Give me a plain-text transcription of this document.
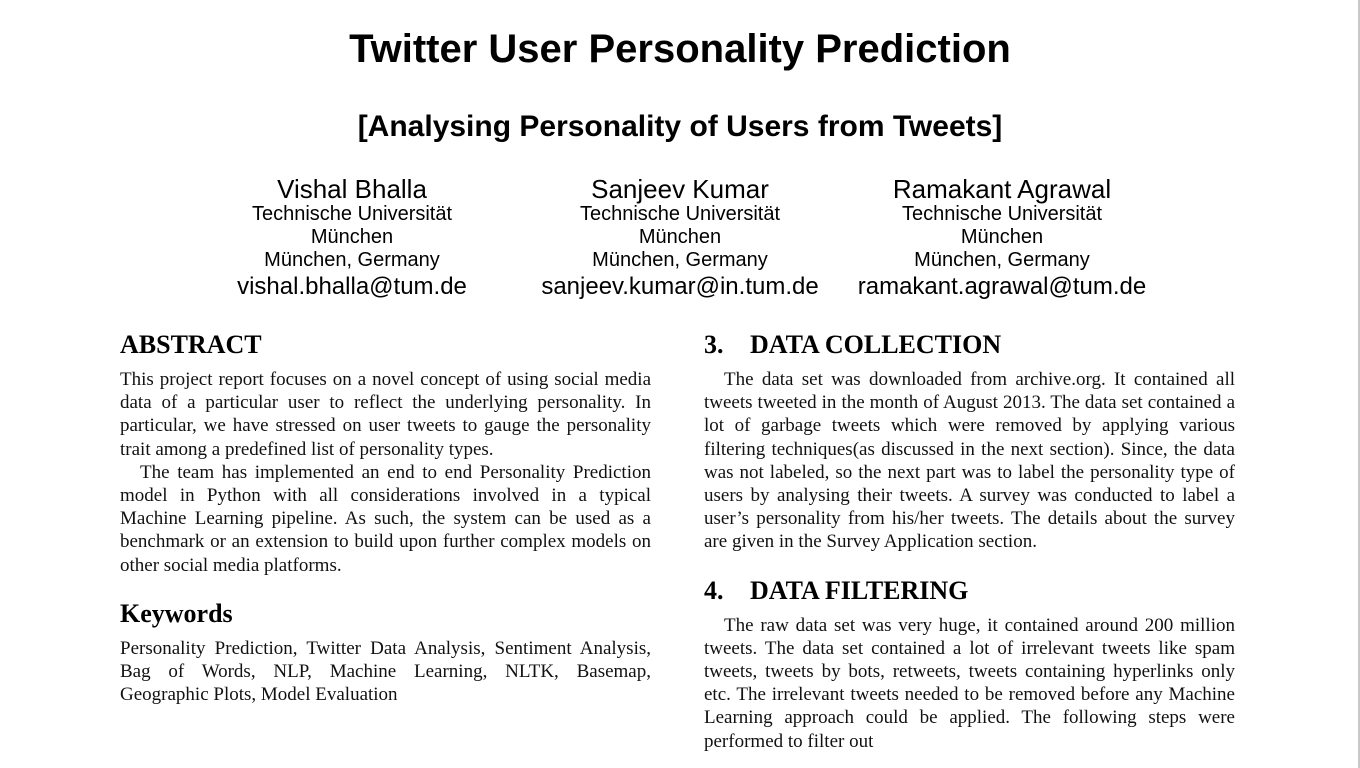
Twitter User Personality Prediction
[Analysing Personality of Users from Tweets]
Vishal Bhalla
Technische Universität
München
München, Germany
vishal.bhalla@tum.de
Sanjeev Kumar
Technische Universität
München
München, Germany
sanjeev.kumar@in.tum.de
Ramakant Agrawal
Technische Universität
München
München, Germany
ramakant.agrawal@tum.de
ABSTRACT

This project report focuses on a novel concept of using social media data of a particular user to reflect the underlying personality. In particular, we have stressed on user tweets to gauge the personality trait among a predefined list of personality types.

The team has implemented an end to end Personality Prediction model in Python with all considerations involved in a typical Machine Learning pipeline. As such, the system can be used as a benchmark or an extension to build upon further complex models on other social media platforms.

Keywords

Personality Prediction, Twitter Data Analysis, Sentiment Analysis, Bag of Words, NLP, Machine Learning, NLTK, Basemap, Geographic Plots, Model Evaluation

3. DATA COLLECTION

The data set was downloaded from archive.org. It contained all tweets tweeted in the month of August 2013. The data set contained a lot of garbage tweets which were removed by applying various filtering techniques(as discussed in the next section). Since, the data was not labeled, so the next part was to label the personality type of users by analysing their tweets. A survey was conducted to label a user’s personality from his/her tweets. The details about the survey are given in the Survey Application section.

4. DATA FILTERING

The raw data set was very huge, it contained around 200 million tweets. The data set contained a lot of irrelevant tweets like spam tweets, tweets by bots, retweets, tweets containing hyperlinks only etc. The irrelevant tweets needed to be removed before any Machine Learning approach could be applied. The following steps were performed to filter out
